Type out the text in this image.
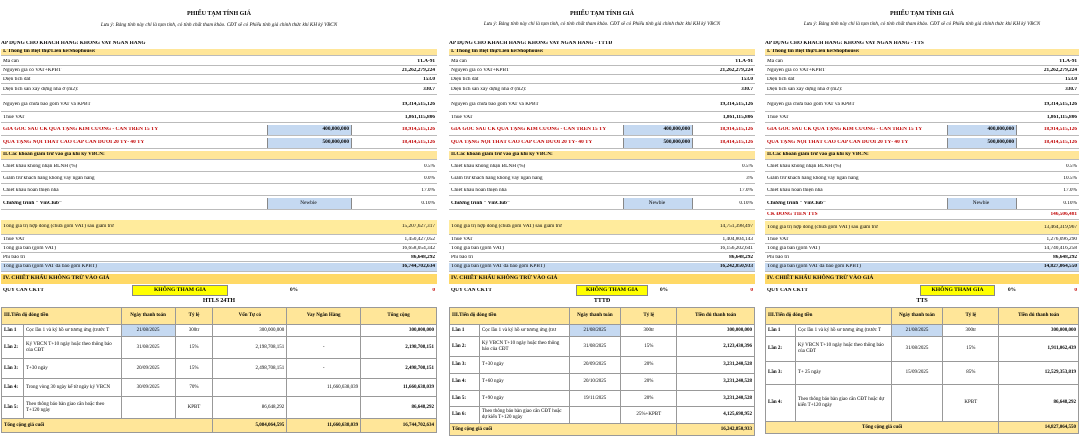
PHIẾU TẠM TÍNH GIÁ
Lưu ý: Bảng tính này chỉ là tạm tính, có tính chất tham khảo. CĐT sẽ có Phiếu tính giá chính thức khi KH ký VBCN
ÁP DỤNG CHO KHÁCH HÀNG: KHÔNG VAY NGÂN HÀNG
I. Thông tin Biệt thự/Liền kề/Shophouse:
Mã căn	TLA-91
Nguyên giá có VAT+KPBT	21,262,279,224
Diện tích đất	153.0
Diện tích sàn xây dựng nhà ở (m2):	330.7
Nguyên giá chưa bao gồm VAT và KPBT	19,314,515,126
Thuế VAT	1,861,115,806
GIÁ GỐC SAU CK QUÀ TẶNG KIM CƯƠNG - CĂN TRÊN 15 TỶ	400,000,000	18,914,515,126
QUÀ TẶNG NỘI THẤT CAO CẤP CĂN DƯỚI 20 TỶ- 40 TỶ	500,000,000	18,414,515,126
II.Các khoản giảm trừ vào giá khi ký VBCN:
Chiết khấu không nhận BLNH (%)	0.5%
Giảm trừ khách hàng không vay ngân hàng	0.0%
Chiết khấu hoàn thiện nhà	17.0%
Chương trình " VinClub"	Newbie	0.10%
Tổng giá trị hợp đồng (chưa gồm VAT) sau giảm trừ	15,207,627,317
Thuế VAT	1,450,427,052
Tổng giá bán (gồm VAT)	16,658,054,342
Phí bảo trì	86,648,292
Tổng giá bán (gồm VAT đã bao gồm KPBT)	16,744,702,634
IV. CHIẾT KHẤU KHÔNG TRỪ VÀO GIÁ
QUỸ CĂN CKTT	0
KHÔNG THAM GIA	0%
HTLS 24TH
III.Tiến độ đóng tiền		Ngày thanh toán	Tỷ lệ	Vốn Tự có	Vay Ngân Hàng	Tổng cộng
Lần 1	Cọc lần 1 và ký hồ sơ tương ứng (trước T	21/08/2025	300tr	300,000,000		300,000,000
Lần 2:	Ký VBCN T+10 ngày hoặc theo thông báo của CĐT	31/08/2025	15%	2,198,708,151	-	2,198,708,151
Lần 3:	T+30 ngày	20/09/2025	15%	2,498,708,151	-	2,498,708,151
Lần 4:	Trong vòng 30 ngày kể từ ngày ký VBCN	30/09/2025	70%		11,660,638,039	11,660,638,039
Lần 5:	Theo thông báo bàn giao căn hoặc theo T+120 ngày		KPBT	86,648,292		86,648,292
Tổng cộng giá cuối				5,084,064,595	11,660,638,039	16,744,702,634
PHIẾU TẠM TÍNH GIÁ
Lưu ý: Bảng tính này chỉ là tạm tính, có tính chất tham khảo. CĐT sẽ có Phiếu tính giá chính thức khi KH ký VBCN
ÁP DỤNG CHO KHÁCH HÀNG: KHÔNG VAY NGÂN HÀNG - TTTĐ
I. Thông tin Biệt thự/Liền kề/Shophouse:
Mã căn	TLA-91
Nguyên giá có VAT+KPBT	21,262,279,224
Diện tích đất	153.0
Diện tích sàn xây dựng nhà ở (m2):	330.7
Nguyên giá chưa bao gồm VAT và KPBT	19,314,515,126
Thuế VAT	1,861,115,806
GIÁ GỐC SAU CK QUÀ TẶNG KIM CƯƠNG - CĂN TRÊN 15 TỶ	400,000,000	18,914,515,126
QUÀ TẶNG NỘI THẤT CAO CẤP CĂN DƯỚI 20 TỶ- 40 TỶ	500,000,000	18,414,515,126
II.Các khoản giảm trừ vào giá khi ký VBCN:
Chiết khấu không nhận BLNH (%)	0.5%
Giảm trừ khách hàng không vay ngân hàng	3%
Chiết khấu hoàn thiện nhà	17.0%
Chương trình " VinClub"	Newbie	0.10%
Tổng giá trị hợp đồng (chưa gồm VAT) sau giảm trừ	14,751,398,497
Thuế VAT	1,404,804,143
Tổng giá bán (gồm VAT)	16,156,202,641
Phí bảo trì	86,648,292
Tổng giá bán (gồm VAT đã bao gồm KPBT)	16,242,850,933
IV. CHIẾT KHẤU KHÔNG TRỪ VÀO GIÁ
QUỸ CĂN CKTT	0
KHÔNG THAM GIA	0%
TTTĐ
III.Tiến độ đóng tiền		Ngày thanh toán	Tỷ lệ	Tiền đủ thanh toán
Lần 1	Cọc lần 1 và ký hồ sơ tương ứng (trư	21/08/2025	300tr	300,000,000
Lần 2:	Ký VBCN T+10 ngày hoặc theo thông báo của CĐT	31/08/2025	15%	2,123,430,396
Lần 3:	T+30 ngày	20/09/2025	20%	3,231,240,528
Lần 4:	T+60 ngày	20/10/2025	20%	3,231,240,528
Lần 5:	T+90 ngày	19/11/2025	20%	3,231,240,528
Lần 6:	Theo thông báo bàn giao căn CĐT hoặc dự kiến T+120 ngày		25%+KPBT	4,125,698,952
Tổng cộng giá cuối				16,242,850,933
PHIẾU TẠM TÍNH GIÁ
Lưu ý: Bảng tính này chỉ là tạm tính, có tính chất tham khảo. CĐT sẽ có Phiếu tính giá chính thức khi KH ký VBCN
ÁP DỤNG CHO KHÁCH HÀNG: KHÔNG VAY NGÂN HÀNG - TTS
I. Thông tin Biệt thự/Liền kề/Shophouse:
Mã căn	TLA-91
Nguyên giá có VAT+KPBT	21,262,279,224
Diện tích đất	153.0
Diện tích sàn xây dựng nhà ở (m2):	330.7
Nguyên giá chưa bao gồm VAT và KPBT	19,314,515,126
Thuế VAT	1,861,115,806
GIÁ GỐC SAU CK QUÀ TẶNG KIM CƯƠNG - CĂN TRÊN 15 TỶ	400,000,000	18,914,515,126
QUÀ TẶNG NỘI THẤT CAO CẤP CĂN DƯỚI 20 TỶ- 40 TỶ	500,000,000	18,414,515,126
II.Các khoản giảm trừ vào giá khi ký VBCN:
Chiết khấu không nhận BLNH (%)	0.5%
Giảm trừ khách hàng không vay ngân hàng	10.5%
Chiết khấu hoàn thiện nhà	17.0%
Chương trình " VinClub"	Newbie	0.10%
CK ĐÓNG TIỀN TTS	146,506,481
Tổng giá trị hợp đồng (chưa gồm VAT) sau giảm trừ	13,464,319,967
Thuế VAT	1,276,096,290
Tổng giá bán (gồm VAT)	14,740,416,258
Phí bảo trì	86,648,292
Tổng giá bán (gồm VAT đã bao gồm KPBT)	14,827,064,550
IV. CHIẾT KHẤU KHÔNG TRỪ VÀO GIÁ
QUỸ CĂN CKTT	0
KHÔNG THAM GIA	0%
TTS
III.Tiến độ đóng tiền		Ngày thanh toán	Tỷ lệ	Tiền đủ thanh toán
Lần 1	Cọc lần 1 và ký hồ sơ tương ứng (trước T	21/08/2025	300tr	300,000,000
Lần 2:	Ký VBCN T+10 ngày hoặc theo thông báo của CĐT	31/08/2025	15%	1,911,062,439
Lần 3:	T+ 25 ngày	15/09/2025	85%	12,529,353,819
Lần 4:	Theo thông báo bàn giao căn CĐT hoặc dự kiến T+120 ngày		KPBT	86,648,292
Tổng cộng giá cuối				14,827,064,550
